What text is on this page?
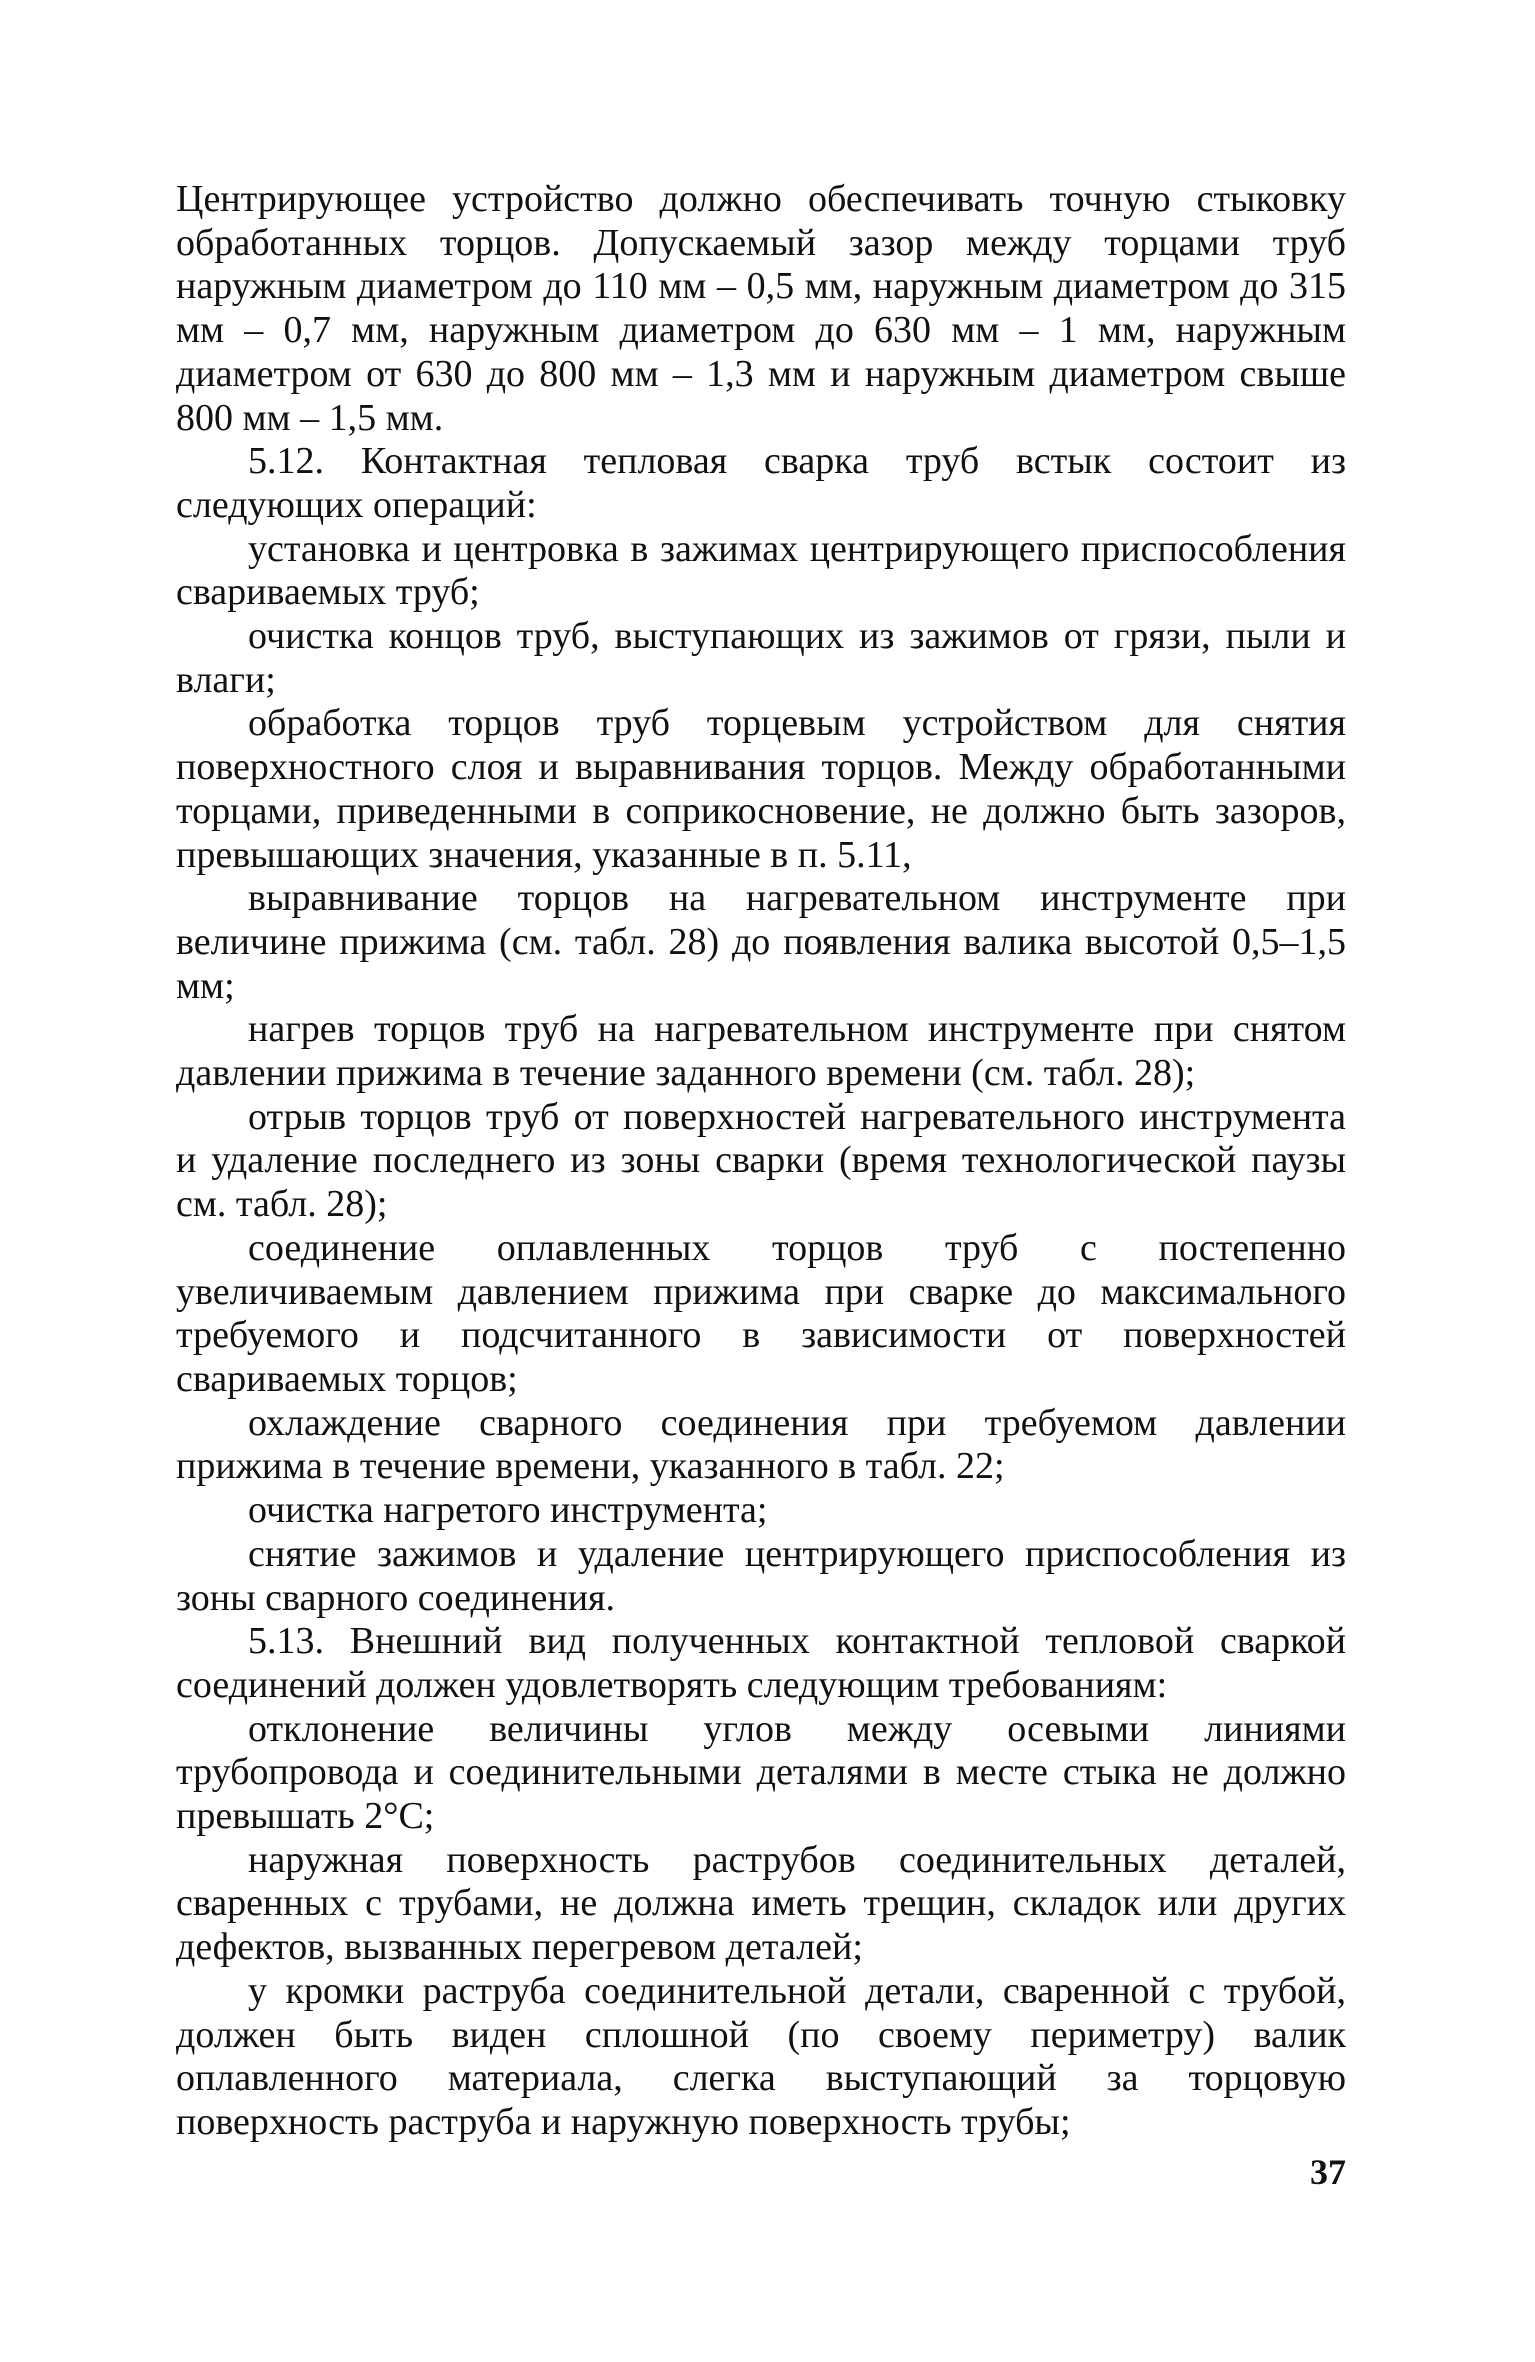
Центрирующее устройство должно обеспечивать точную стыковку обработанных торцов. Допускаемый зазор между торцами труб наружным диаметром до 110 мм – 0,5 мм, наружным диаметром до 315 мм – 0,7 мм, наружным диаметром до 630 мм – 1 мм, наружным диаметром от 630 до 800 мм – 1,3 мм и наружным диаметром свыше 800 мм – 1,5 мм.

5.12. Контактная тепловая сварка труб встык состоит из следующих операций:

установка и центровка в зажимах центрирующего приспособления свариваемых труб;

очистка концов труб, выступающих из зажимов от грязи, пыли и влаги;

обработка торцов труб торцевым устройством для снятия поверхностного слоя и выравнивания торцов. Между обработанными торцами, приведенными в соприкосновение, не должно быть зазоров, превышающих значения, указанные в п. 5.11,

выравнивание торцов на нагревательном инструменте при величине прижима (см. табл. 28) до появления валика высотой 0,5–1,5 мм;

нагрев торцов труб на нагревательном инструменте при снятом давлении прижима в течение заданного времени (см. табл. 28);

отрыв торцов труб от поверхностей нагревательного инструмента и удаление последнего из зоны сварки (время технологической паузы см. табл. 28);

соединение оплавленных торцов труб с постепенно увеличиваемым давлением прижима при сварке до максимального требуемого и подсчитанного в зависимости от поверхностей свариваемых торцов;

охлаждение сварного соединения при требуемом давлении прижима в течение времени, указанного в табл. 22;

очистка нагретого инструмента;

снятие зажимов и удаление центрирующего приспособления из зоны сварного соединения.

5.13. Внешний вид полученных контактной тепловой сваркой соединений должен удовлетворять следующим требованиям:

отклонение величины углов между осевыми линиями трубопровода и соединительными деталями в месте стыка не должно превышать 2°С;

наружная поверхность раструбов соединительных деталей, сваренных с трубами, не должна иметь трещин, складок или других дефектов, вызванных перегревом деталей;

у кромки раструба соединительной детали, сваренной с трубой, должен быть виден сплошной (по своему периметру) валик оплавленного материала, слегка выступающий за торцовую поверхность раструба и наружную поверхность трубы;

37
